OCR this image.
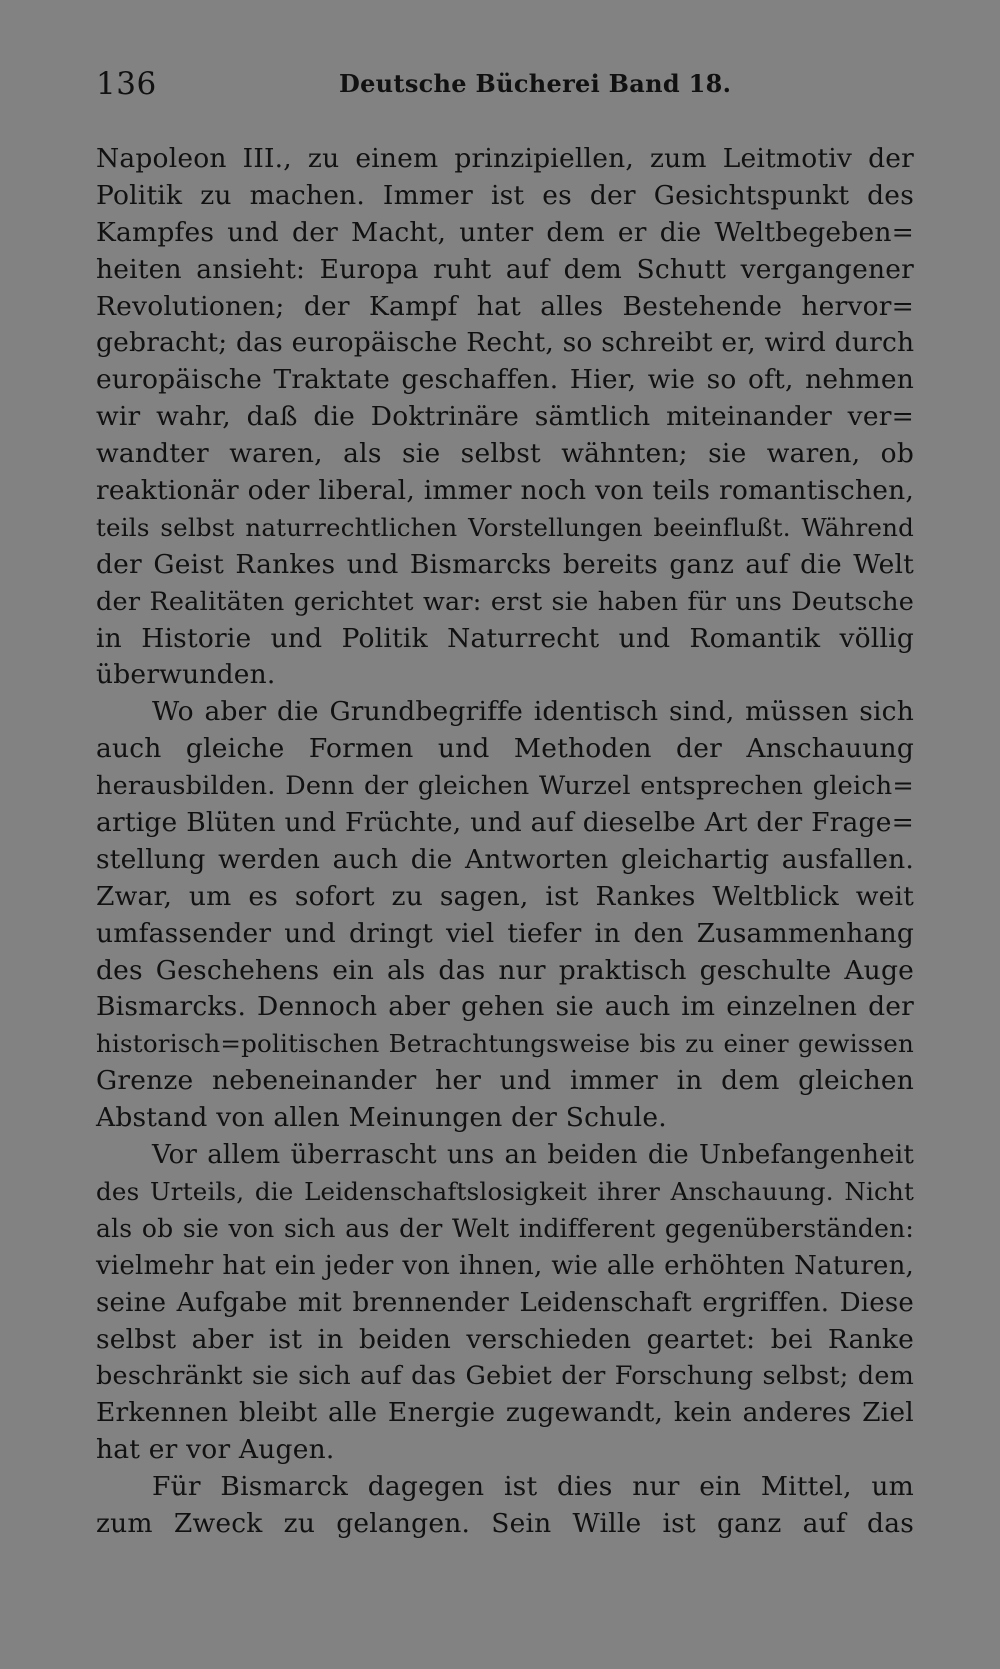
136	Deutsche Bücherei Band 18.
Napoleon III., zu einem prinzipiellen, zum Leitmotiv der
Politik zu machen. Immer ist es der Gesichtspunkt des
Kampfes und der Macht, unter dem er die Weltbegeben=
heiten ansieht: Europa ruht auf dem Schutt vergangener
Revolutionen; der Kampf hat alles Bestehende hervor=
gebracht; das europäische Recht, so schreibt er, wird durch
europäische Traktate geschaffen. Hier, wie so oft, nehmen
wir wahr, daß die Doktrinäre sämtlich miteinander ver=
wandter waren, als sie selbst wähnten; sie waren, ob
reaktionär oder liberal, immer noch von teils romantischen,
teils selbst naturrechtlichen Vorstellungen beeinflußt. Während
der Geist Rankes und Bismarcks bereits ganz auf die Welt
der Realitäten gerichtet war: erst sie haben für uns Deutsche
in Historie und Politik Naturrecht und Romantik völlig
überwunden.
Wo aber die Grundbegriffe identisch sind, müssen sich
auch gleiche Formen und Methoden der Anschauung
herausbilden. Denn der gleichen Wurzel entsprechen gleich=
artige Blüten und Früchte, und auf dieselbe Art der Frage=
stellung werden auch die Antworten gleichartig ausfallen.
Zwar, um es sofort zu sagen, ist Rankes Weltblick weit
umfassender und dringt viel tiefer in den Zusammenhang
des Geschehens ein als das nur praktisch geschulte Auge
Bismarcks. Dennoch aber gehen sie auch im einzelnen der
historisch=politischen Betrachtungsweise bis zu einer gewissen
Grenze nebeneinander her und immer in dem gleichen
Abstand von allen Meinungen der Schule.
Vor allem überrascht uns an beiden die Unbefangenheit
des Urteils, die Leidenschaftslosigkeit ihrer Anschauung. Nicht
als ob sie von sich aus der Welt indifferent gegenüberständen:
vielmehr hat ein jeder von ihnen, wie alle erhöhten Naturen,
seine Aufgabe mit brennender Leidenschaft ergriffen. Diese
selbst aber ist in beiden verschieden geartet: bei Ranke
beschränkt sie sich auf das Gebiet der Forschung selbst; dem
Erkennen bleibt alle Energie zugewandt, kein anderes Ziel
hat er vor Augen.
Für Bismarck dagegen ist dies nur ein Mittel, um
zum Zweck zu gelangen. Sein Wille ist ganz auf das
